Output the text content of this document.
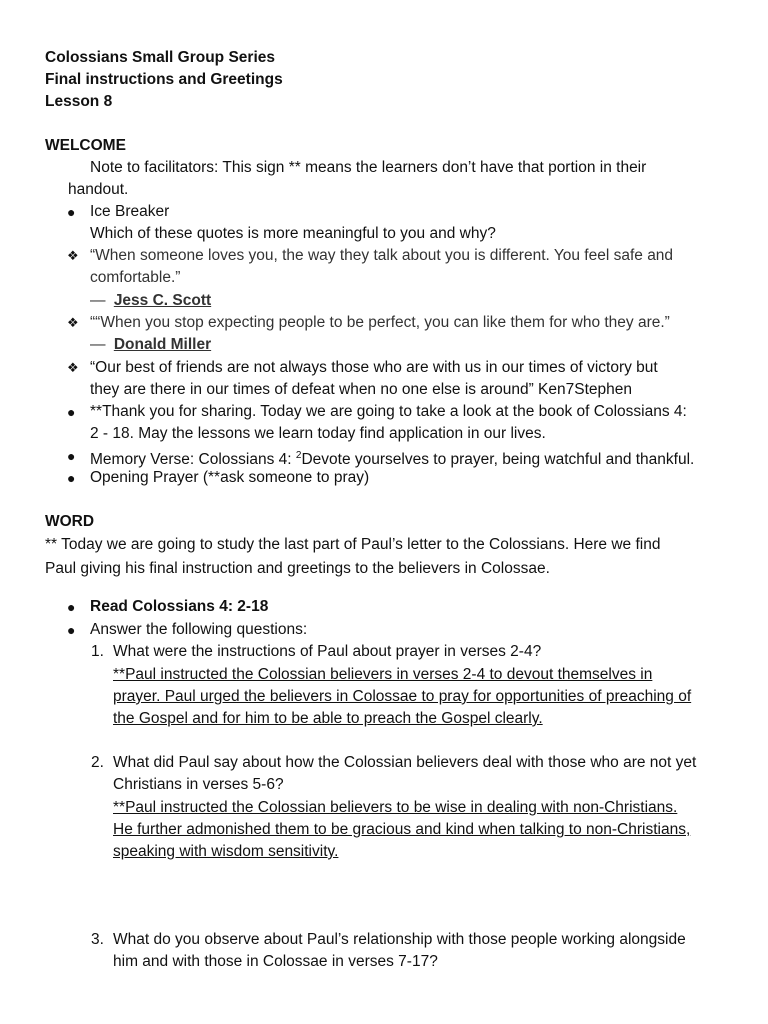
Colossians Small Group Series
Final instructions and Greetings
Lesson 8
WELCOME
Note to facilitators: This sign ** means the learners don’t have that portion in their
handout.
● Ice Breaker
Which of these quotes is more meaningful to you and why?
❖ “When someone loves you, the way they talk about you is different. You feel safe and
comfortable.”
― Jess C. Scott
❖ ““When you stop expecting people to be perfect, you can like them for who they are.”
― Donald Miller
❖ “Our best of friends are not always those who are with us in our times of victory but
they are there in our times of defeat when no one else is around” Ken7Stephen
● **Thank you for sharing. Today we are going to take a look at the book of Colossians 4:
2 - 18. May the lessons we learn today find application in our lives.
● Memory Verse: Colossians 4: $^2$Devote yourselves to prayer, being watchful and thankful.
● Opening Prayer (**ask someone to pray)
WORD
** Today we are going to study the last part of Paul’s letter to the Colossians. Here we find
Paul giving his final instruction and greetings to the believers in Colossae.
● Read Colossians 4: 2-18
● Answer the following questions:
1. What were the instructions of Paul about prayer in verses 2-4?
**Paul instructed the Colossian believers in verses 2-4 to devout themselves in
prayer. Paul urged the believers in Colossae to pray for opportunities of preaching of
the Gospel and for him to be able to preach the Gospel clearly.
2. What did Paul say about how the Colossian believers deal with those who are not yet
Christians in verses 5-6?
**Paul instructed the Colossian believers to be wise in dealing with non-Christians.
He further admonished them to be gracious and kind when talking to non-Christians,
speaking with wisdom sensitivity.
3. What do you observe about Paul’s relationship with those people working alongside
him and with those in Colossae in verses 7-17?
